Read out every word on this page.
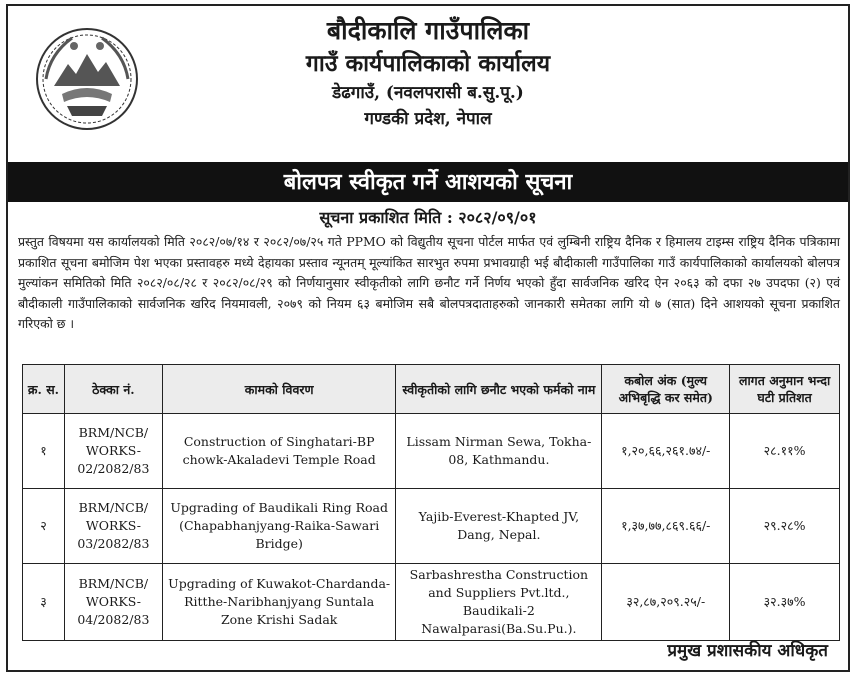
बौदीकालि गाउँपालिका
गाउँ कार्यपालिकाको कार्यालय
डेढगाउँ, (नवलपरासी ब.सु.पू.)
गण्डकी प्रदेश, नेपाल
बोलपत्र स्वीकृत गर्ने आशयको सूचना
सूचना प्रकाशित मिति : २०८२/०९/०१
प्रस्तुत विषयमा यस कार्यालयको मिति २०८२/०७/१४ र २०८२/०७/२५ गते PPMO को विद्युतीय सूचना पोर्टल मार्फत एवं लुम्बिनी राष्ट्रिय दैनिक र हिमालय टाइम्स राष्ट्रिय दैनिक पत्रिकामा प्रकाशित सूचना बमोजिम पेश भएका प्रस्तावहरु मध्ये देहायका प्रस्ताव न्यूनतम् मूल्यांकित सारभुत रुपमा प्रभावग्राही भई बौदीकाली गाउँपालिका गाउँ कार्यपालिकाको कार्यालयको बोलपत्र मुल्यांकन समितिको मिति २०८२/०८/२८ र २०८२/०८/२९ को निर्णयानुसार स्वीकृतीको लागि छनौट गर्ने निर्णय भएको हुँदा सार्वजनिक खरिद ऐन २०६३ को दफा २७ उपदफा (२) एवं बौदीकाली गाउँपालिकाको सार्वजनिक खरिद नियमावली, २०७९ को नियम ६३ बमोजिम सबै बोलपत्रदाताहरुको जानकारी समेतका लागि यो ७ (सात) दिने आशयको सूचना प्रकाशित गरिएको छ ।
क्र. स.	ठेक्का नं.	कामको विवरण	स्वीकृतीको लागि छनौट भएको फर्मको नाम	कबोल अंक (मुल्य अभिबृद्धि कर समेत)	लागत अनुमान भन्दा घटी प्रतिशत
१	BRM/NCB/ WORKS- 02/2082/83	Construction of Singhatari-BP chowk-Akaladevi Temple Road	Lissam Nirman Sewa, Tokha-08, Kathmandu.	१,२०,६६,२६१.७४/-	२८.११%
२	BRM/NCB/ WORKS- 03/2082/83	Upgrading of Baudikali Ring Road (Chapabhanjyang-Raika-Sawari Bridge)	Yajib-Everest-Khapted JV, Dang, Nepal.	१,३७,७७,८६९.६६/-	२९.२८%
३	BRM/NCB/ WORKS- 04/2082/83	Upgrading of Kuwakot-Chardanda-Ritthe-Naribhanjyang Suntala Zone Krishi Sadak	Sarbashrestha Construction and Suppliers Pvt.ltd., Baudikali-2 Nawalparasi(Ba.Su.Pu.).	३२,८७,२०९.२५/-	३२.३७%
प्रमुख प्रशासकीय अधिकृत
